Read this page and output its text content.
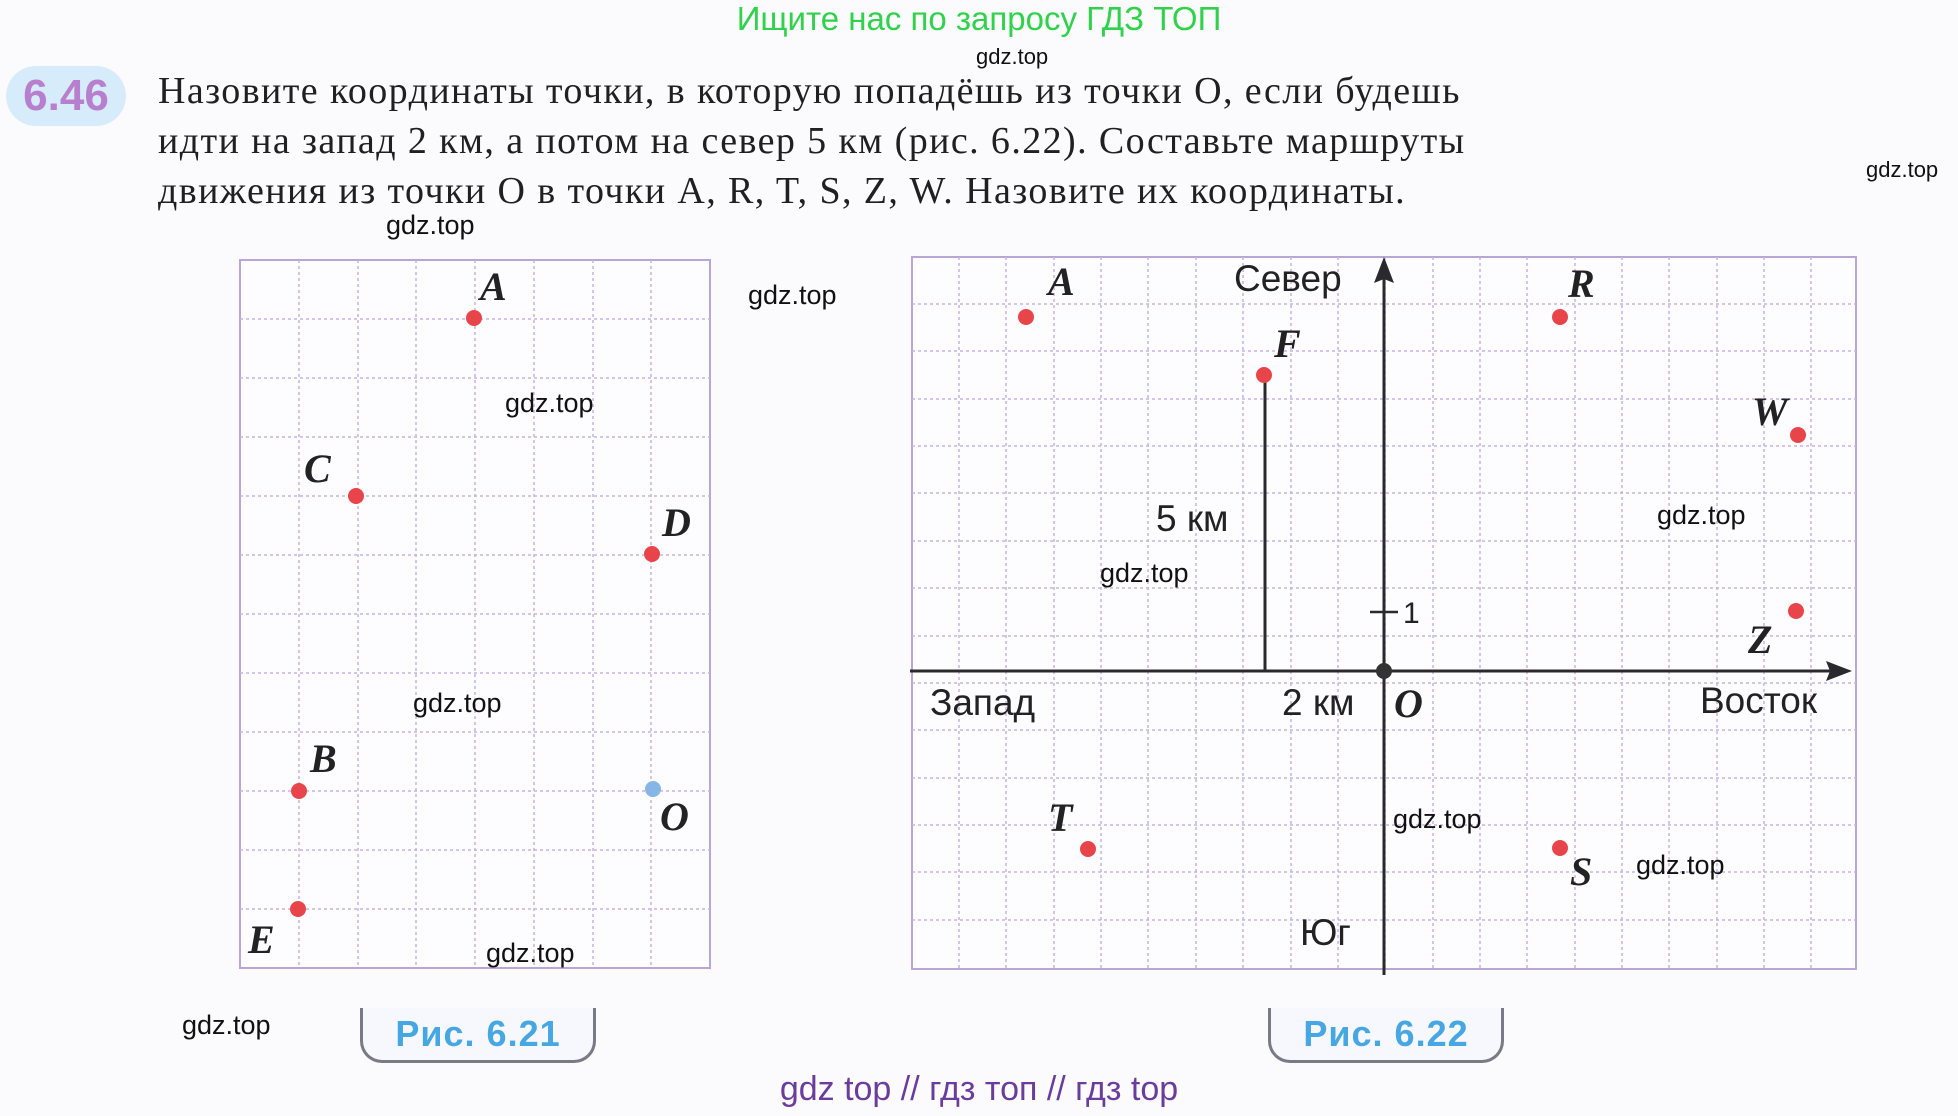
Ищите нас по запросу ГДЗ ТОП
6.46	Назовите координаты точки, в которую попадёшь из точки O, если будешь

идти на запад 2 км, а потом на север 5 км (рис. 6.22). Составьте маршруты

движения из точки O в точки A, R, T, S, Z, W. Назовите их координаты.

A
C
D
B
O
E
O
1
Север
Запад	Восток
Юг
5 км
2 км
A
F
R
W
Z
T
S
Рис. 6.21	Рис. 6.22
gdz.top
gdz.top
gdz.top
gdz.top
gdz.top
gdz.top
gdz.top
gdz.top
gdz.top
gdz.top
gdz.top
gdz.top
gdz top // гдз топ // гдз top
